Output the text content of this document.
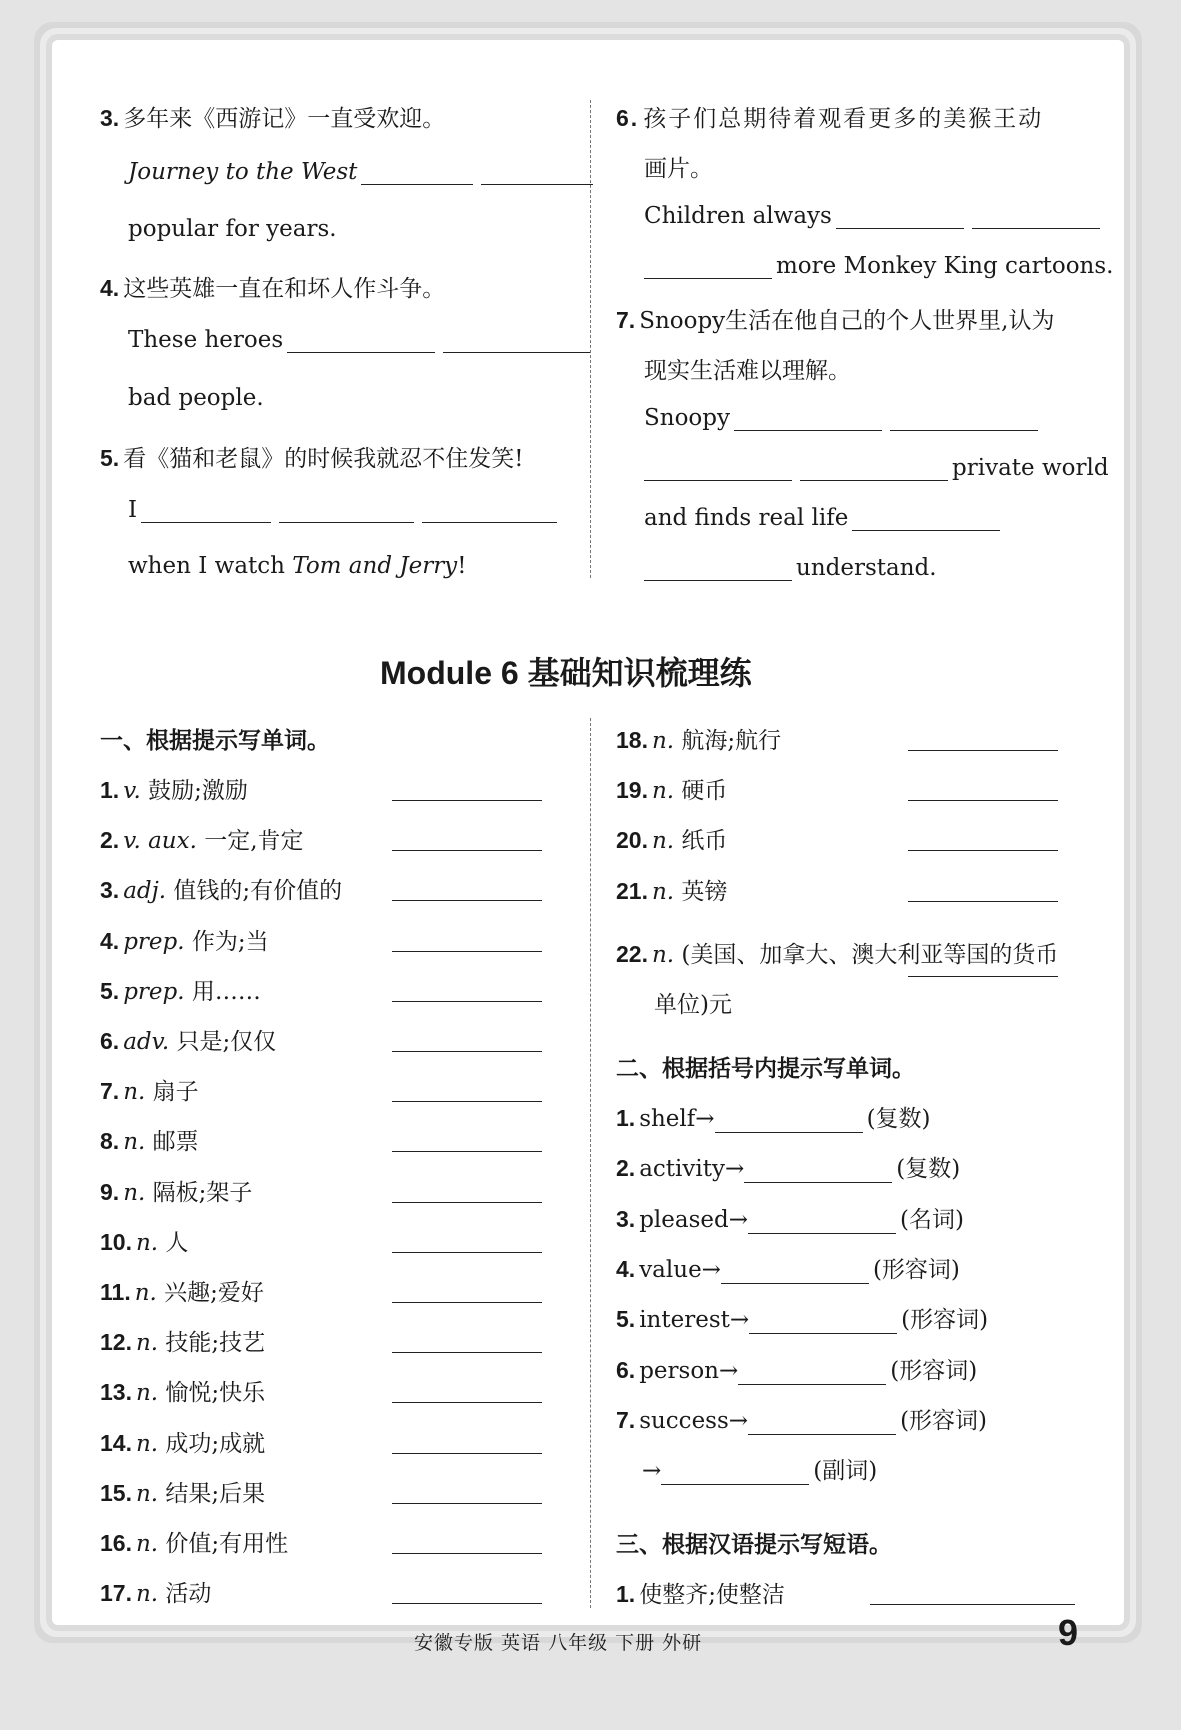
3. 多年来《西游记》一直受欢迎。
Journey to the West
popular for years.
4. 这些英雄一直在和坏人作斗争。
These heroes
bad people.
5. 看《猫和老鼠》的时候我就忍不住发笑!
I
when I watch Tom and Jerry!
6. 孩子们总期待着观看更多的美猴王动
画片。
Children always
more Monkey King cartoons.
7. Snoopy生活在他自己的个人世界里,认为
现实生活难以理解。
Snoopy
private world
and finds real life
understand.
Module 6 基础知识梳理练
一、根据提示写单词。
1. v. 鼓励;激励
2. v. aux. 一定,肯定
3. adj. 值钱的;有价值的
4. prep. 作为;当
5. prep. 用……
6. adv. 只是;仅仅
7. n. 扇子
8. n. 邮票
9. n. 隔板;架子
10. n. 人
11. n. 兴趣;爱好
12. n. 技能;技艺
13. n. 愉悦;快乐
14. n. 成功;成就
15. n. 结果;后果
16. n. 价值;有用性
17. n. 活动
18. n. 航海;航行
19. n. 硬币
20. n. 纸币
21. n. 英镑
22. n. (美国、加拿大、澳大利亚等国的货币
单位)元
二、根据括号内提示写单词。
1. shelf→	(复数)
2. activity→	(复数)
3. pleased→	(名词)
4. value→	(形容词)
5. interest→	(形容词)
6. person→	(形容词)
7. success→	(形容词)
→	(副词)
三、根据汉语提示写短语。
1. 使整齐;使整洁
安徽专版 英语 八年级 下册 外研	9
